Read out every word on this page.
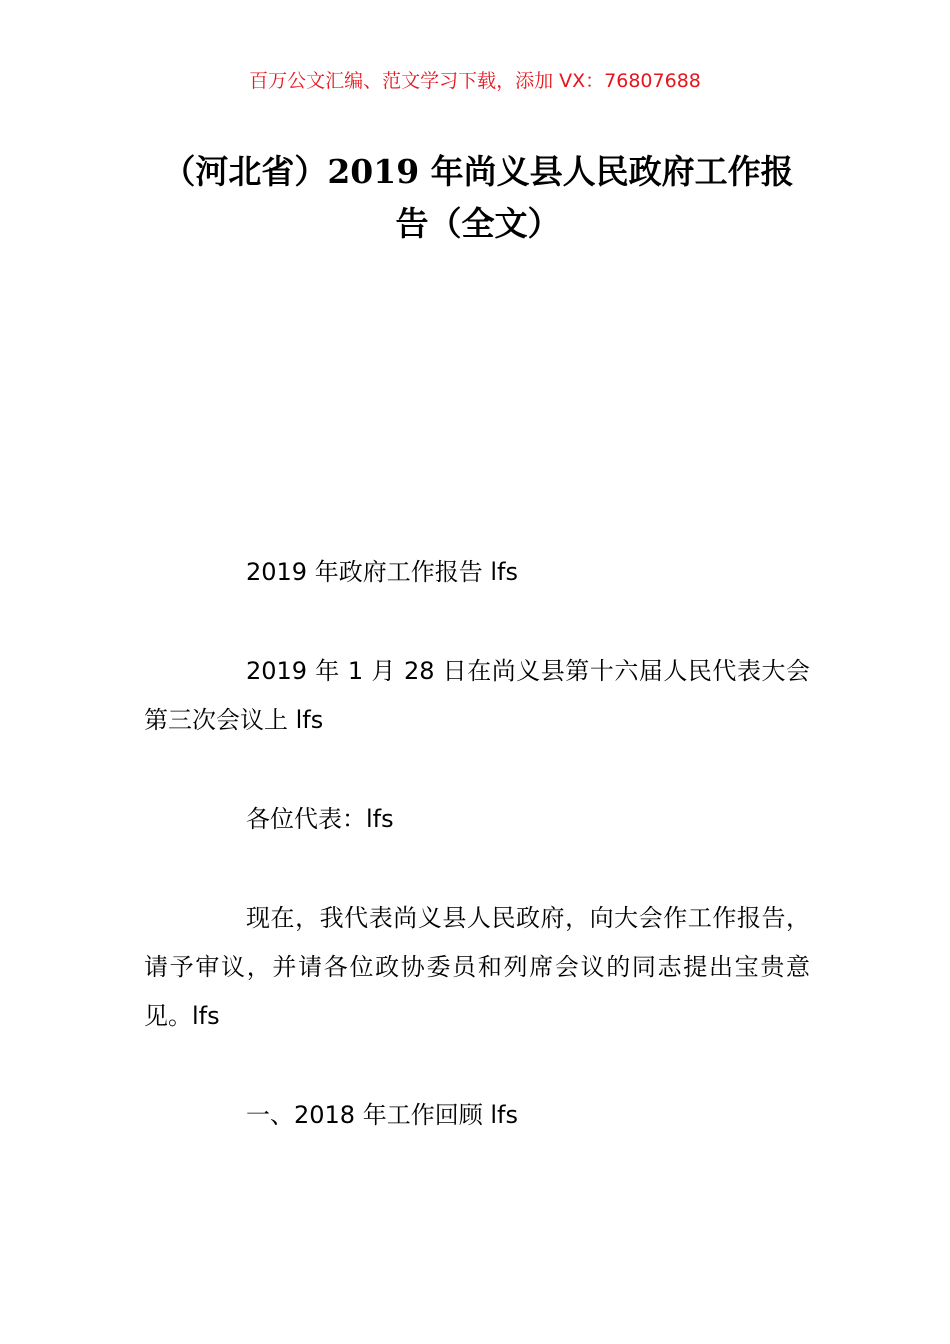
百万公文汇编、范文学习下载，添加 VX：76807688
（河北省）2019 年尚义县人民政府工作报
告（全文）

2019 年政府工作报告 lfs

2019 年 1 月 28 日在尚义县第十六届人民代表大会第三次会议上 lfs

各位代表：lfs

现在，我代表尚义县人民政府，向大会作工作报告，请予审议，并请各位政协委员和列席会议的同志提出宝贵意见。lfs

一、2018 年工作回顾 lfs
